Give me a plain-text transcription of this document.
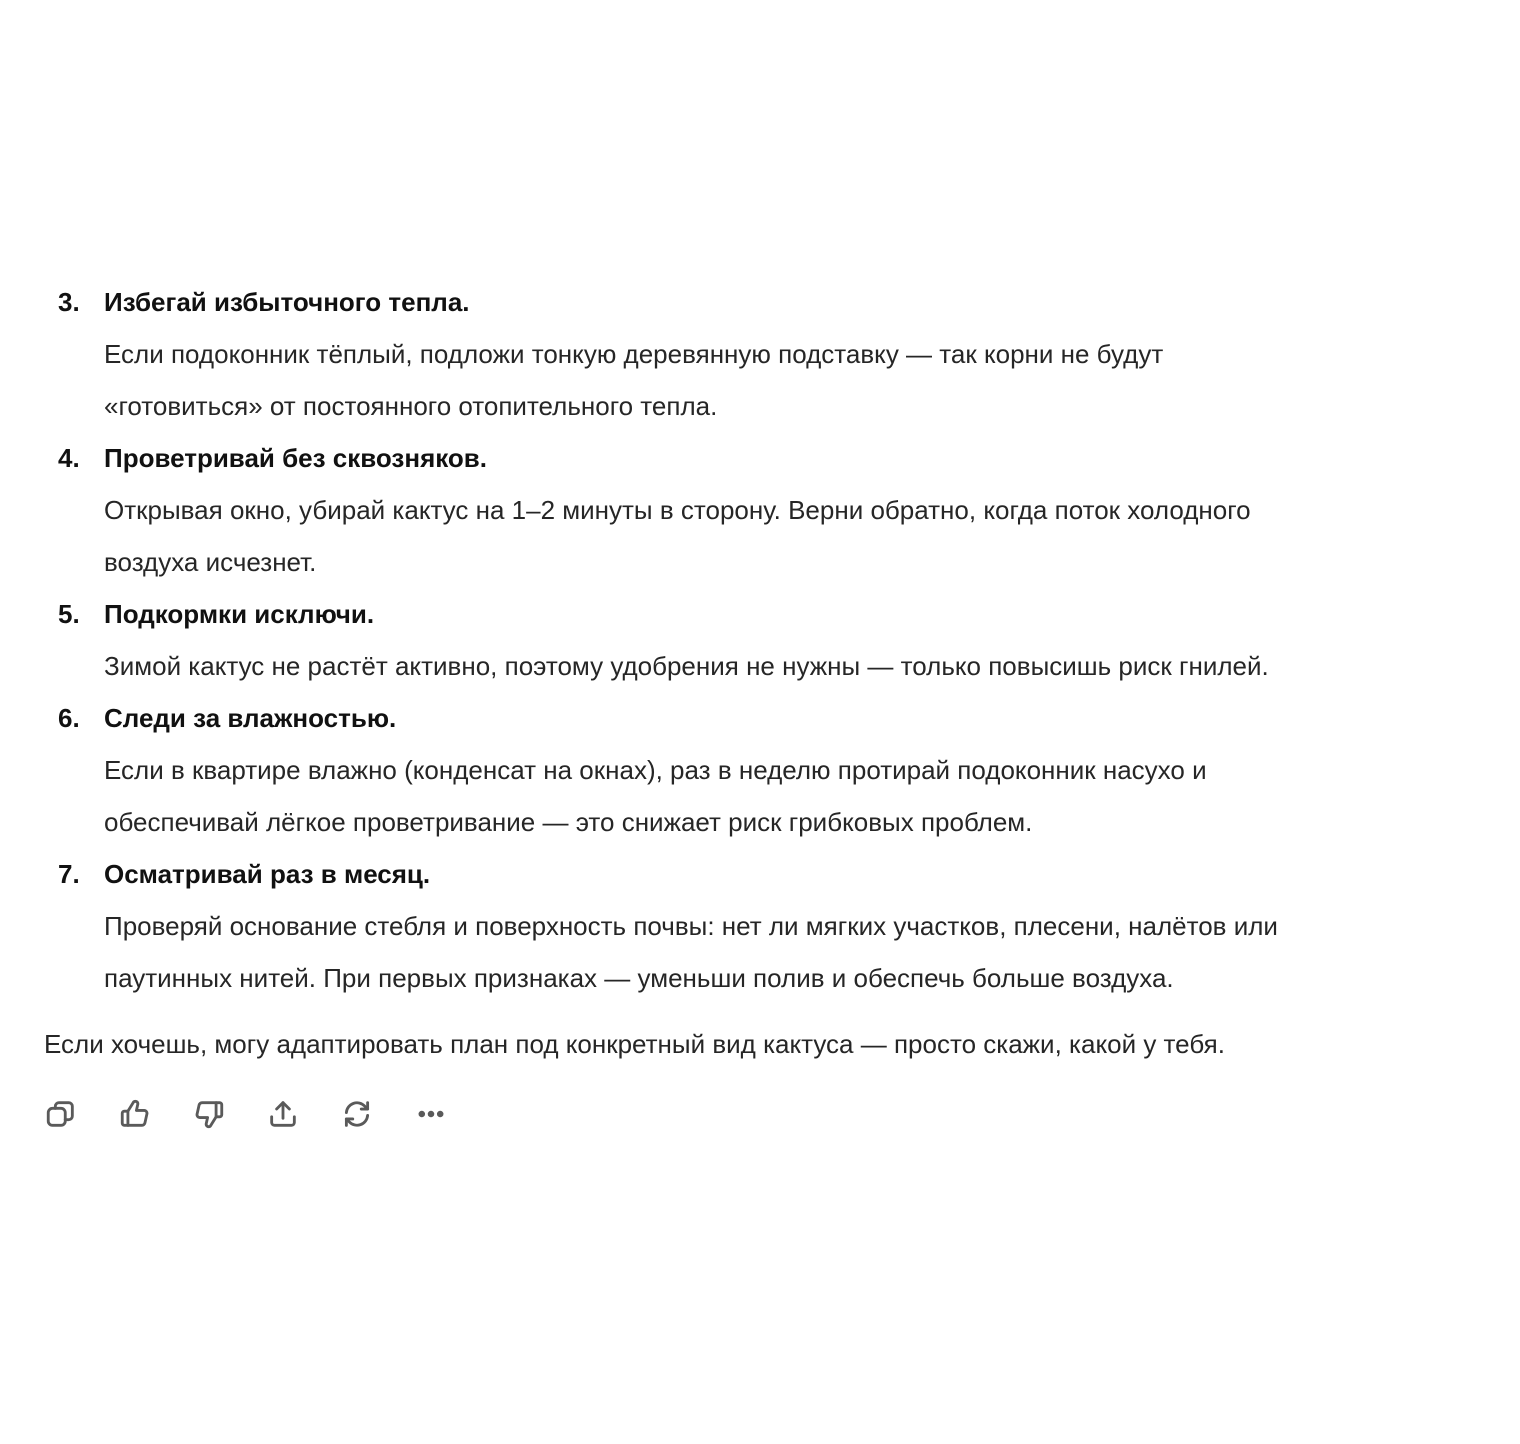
3. Избегай избыточного тепла.

Если подоконник тёплый, подложи тонкую деревянную подставку — так корни не будут
«готовиться» от постоянного отопительного тепла.

4. Проветривай без сквозняков.

Открывая окно, убирай кактус на 1–2 минуты в сторону. Верни обратно, когда поток холодного
воздуха исчезнет.

5. Подкормки исключи.

Зимой кактус не растёт активно, поэтому удобрения не нужны — только повысишь риск гнилей.

6. Следи за влажностью.

Если в квартире влажно (конденсат на окнах), раз в неделю протирай подоконник насухо и
обеспечивай лёгкое проветривание — это снижает риск грибковых проблем.

7. Осматривай раз в месяц.

Проверяй основание стебля и поверхность почвы: нет ли мягких участков, плесени, налётов или
паутинных нитей. При первых признаках — уменьши полив и обеспечь больше воздуха.

Если хочешь, могу адаптировать план под конкретный вид кактуса — просто скажи, какой у тебя.
